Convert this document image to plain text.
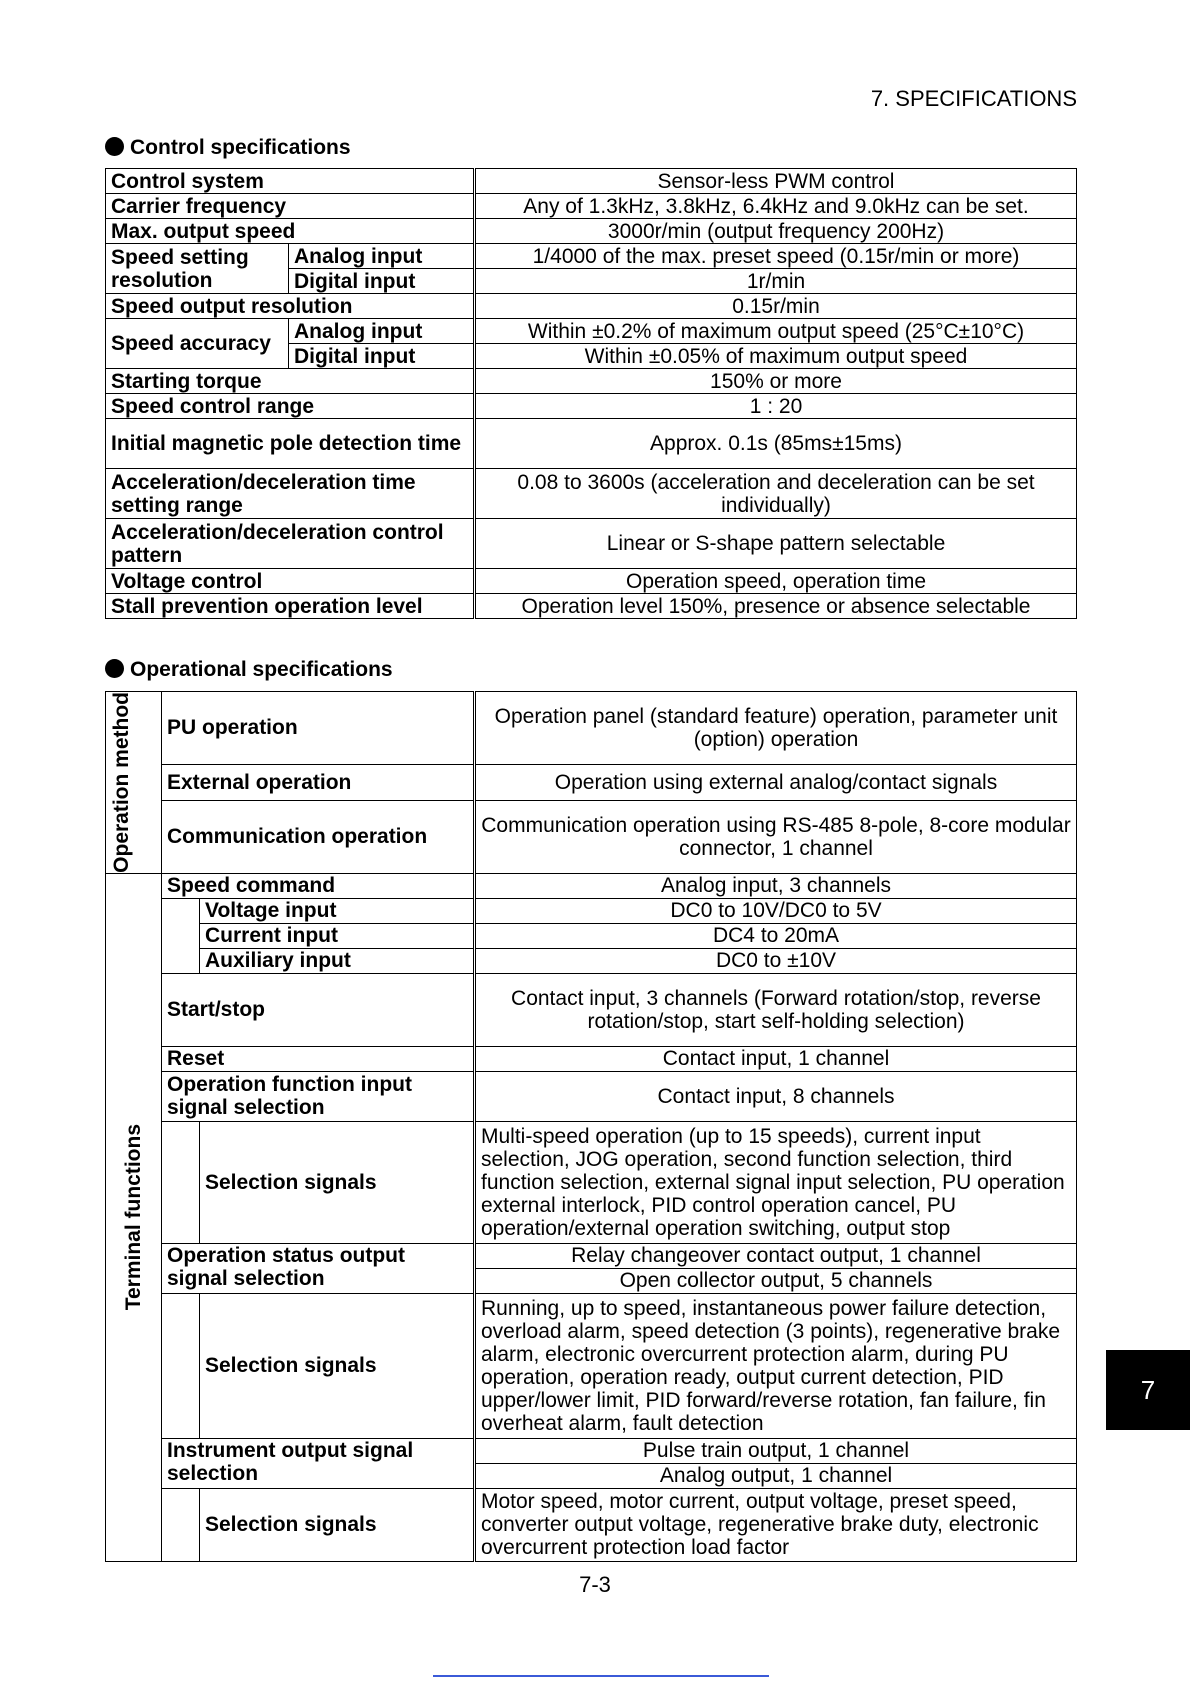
7. SPECIFICATIONS
Control specifications
Control system		Sensor-less PWM control
Carrier frequency		Any of 1.3kHz, 3.8kHz, 6.4kHz and 9.0kHz can be set.
Max. output speed		3000r/min (output frequency 200Hz)
Speed setting resolution	Analog input	1/4000 of the max. preset speed (0.15r/min or more)
	Digital input	1r/min
Speed output resolution		0.15r/min
Speed accuracy	Analog input	Within ±0.2% of maximum output speed (25°C±10°C)
	Digital input	Within ±0.05% of maximum output speed
Starting torque		150% or more
Speed control range		1 : 20
Initial magnetic pole detection time		Approx. 0.1s (85ms±15ms)
Acceleration/deceleration time setting range		0.08 to 3600s (acceleration and deceleration can be set individually)
Acceleration/deceleration control pattern		Linear or S-shape pattern selectable
Voltage control		Operation speed, operation time
Stall prevention operation level		Operation level 150%, presence or absence selectable
Operational specifications
Operation method	PU operation		Operation panel (standard feature) operation, parameter unit (option) operation
	External operation		Operation using external analog/contact signals
	Communication operation		Communication operation using RS-485 8-pole, 8-core modular connector, 1 channel

Terminal functions	Speed command		Analog input, 3 channels
		Voltage input	DC0 to 10V/DC0 to 5V
		Current input	DC4 to 20mA
		Auxiliary input	DC0 to ±10V
	Start/stop		Contact input, 3 channels (Forward rotation/stop, reverse rotation/stop, start self-holding selection)
	Reset		Contact input, 1 channel
	Operation function input signal selection		Contact input, 8 channels
		Selection signals	Multi-speed operation (up to 15 speeds), current input selection, JOG operation, second function selection, third function selection, external signal input selection, PU operation external interlock, PID control operation cancel, PU operation/external operation switching, output stop
	Operation status output signal selection		Relay changeover contact output, 1 channel
			Open collector output, 5 channels
		Selection signals	Running, up to speed, instantaneous power failure detection, overload alarm, speed detection (3 points), regenerative brake alarm, electronic overcurrent protection alarm, during PU operation, operation ready, output current detection, PID upper/lower limit, PID forward/reverse rotation, fan failure, fin overheat alarm, fault detection
	Instrument output signal selection		Pulse train output, 1 channel
			Analog output, 1 channel
		Selection signals	Motor speed, motor current, output voltage, preset speed, converter output voltage, regenerative brake duty, electronic overcurrent protection load factor
7
7-3
